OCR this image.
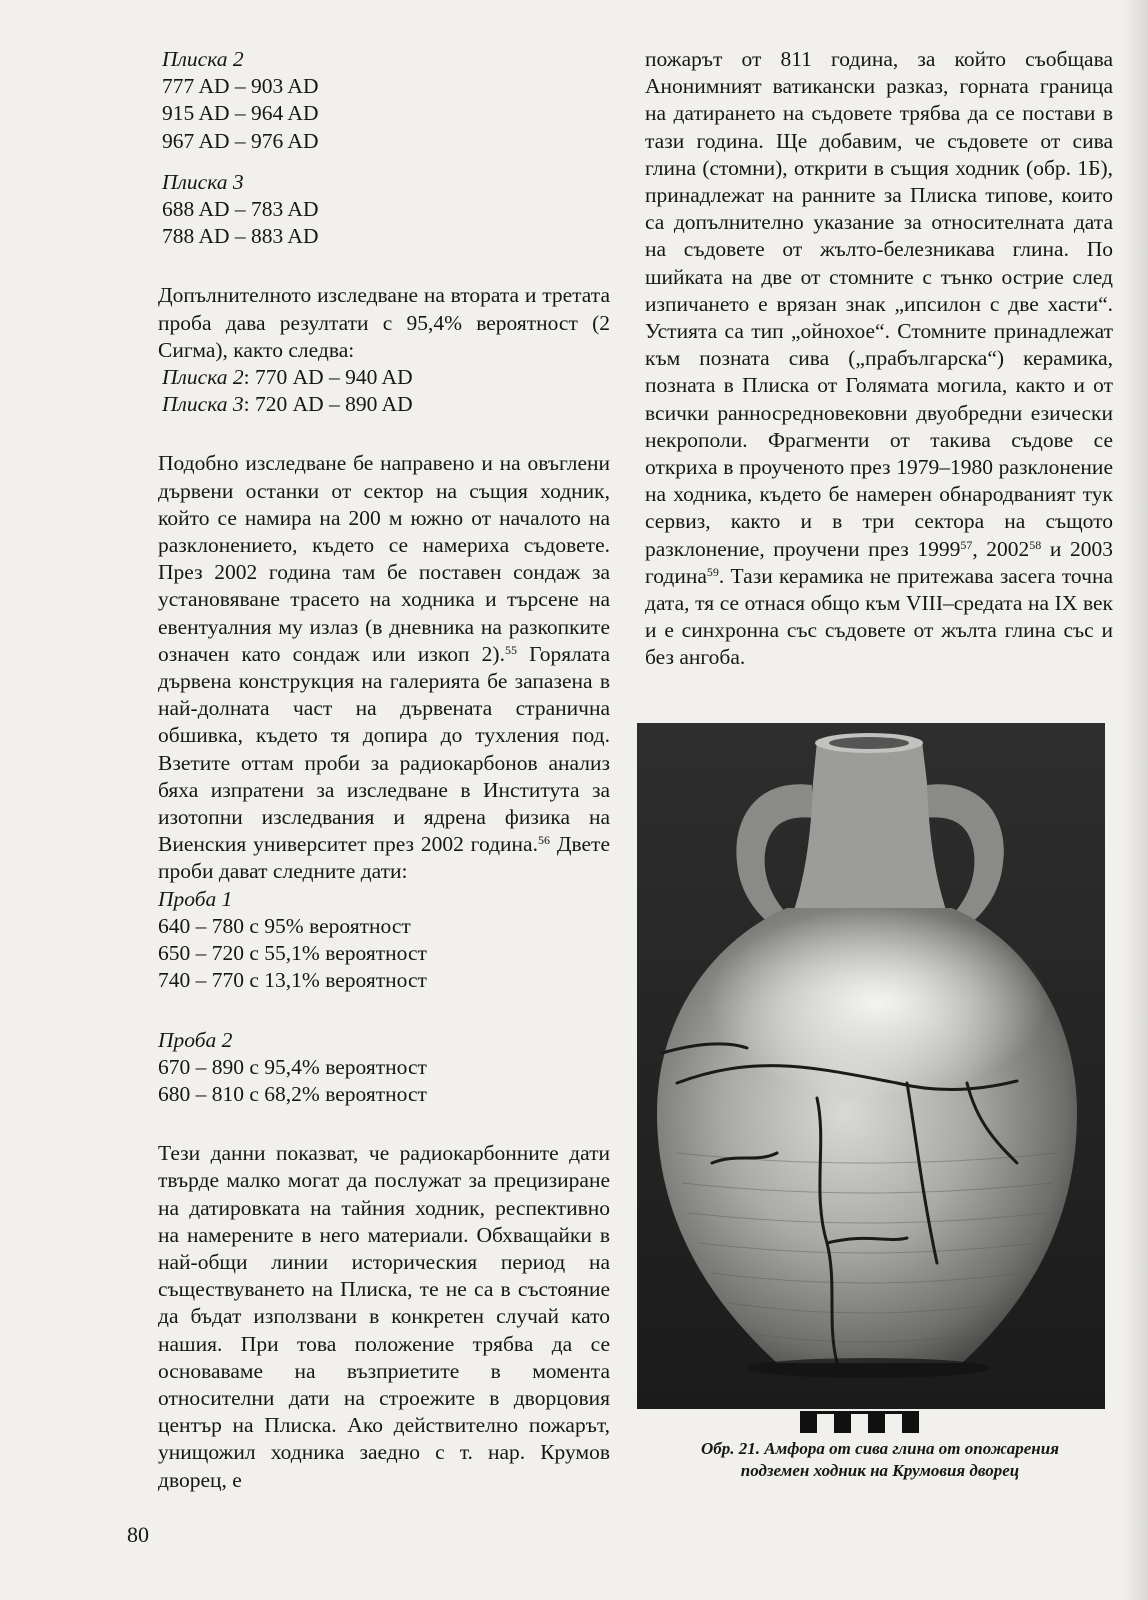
Плиска 2
777 AD – 903 AD
915 AD – 964 AD
967 AD – 976 AD
Плиска 3
688 AD – 783 AD
788 AD – 883 AD

Допълнителното изследване на втората и третата проба дава резултати с 95,4% вероятност (2 Сигма), както следва:

Плиска 2: 770 AD – 940 AD
Плиска 3: 720 AD – 890 AD

Подобно изследване бе направено и на овъглени дървени останки от сектор на същия ходник, който се намира на 200 м южно от началото на разклонението, където се намериха съдовете. През 2002 година там бе поставен сондаж за установяване трасето на ходника и търсене на евентуалния му излаз (в дневника на разкопките означен като сондаж или изкоп 2).$^{55}$ Горялата дървена конструкция на галерията бе запазена в най-долната част на дървената странична обшивка, където тя допира до тухления под. Взетите оттам проби за радиокарбонов анализ бяха изпратени за изследване в Института за изотопни изследвания и ядрена физика на Виенския университет през 2002 година.$^{56}$ Двете проби дават следните дати:

Проба 1
640 – 780 с 95% вероятност
650 – 720 с 55,1% вероятност
740 – 770 с 13,1% вероятност
Проба 2
670 – 890 с 95,4% вероятност
680 – 810 с 68,2% вероятност

Тези данни показват, че радиокарбонните дати твърде малко могат да послужат за прецизиране на датировката на тайния ходник, респективно на намерените в него материали. Обхващайки в най-общи линии историческия период на съществуването на Плиска, те не са в състояние да бъдат използвани в конкретен случай като нашия. При това положение трябва да се основаваме на възприетите в момента относителни дати на строежите в дворцовия център на Плиска. Ако действително пожарът, унищожил ходника заедно с т. нар. Крумов дворец, е

пожарът от 811 година, за който съобщава Анонимният ватикански разказ, горната граница на датирането на съдовете трябва да се постави в тази година. Ще добавим, че съдовете от сива глина (стомни), открити в същия ходник (обр. 1Б), принадлежат на ранните за Плиска типове, които са допълнително указание за относителната дата на съдовете от жълто-белезникава глина. По шийката на две от стомните с тънко острие след изпичането е врязан знак „ипсилон с две хасти“. Устията са тип „ойнохое“. Стомните принадлежат към позната сива („прабългарска“) керамика, позната в Плиска от Голямата могила, както и от всички ранносредновековни двуобредни езически некрополи. Фрагменти от такива съдове се откриха в проученото през 1979–1980 разклонение на ходника, където бе намерен обнародваният тук сервиз, както и в три сектора на същото разклонение, проучени през 1999$^{57}$, 2002$^{58}$ и 2003 година$^{59}$. Тази керамика не притежава засега точна дата, тя се отнася общо към VIII–средата на IX век и е синхронна със съдовете от жълта глина със и без ангоба.

Обр. 21. Амфора от сива глина от опожарения
подземен ходник на Крумовия дворец
80
